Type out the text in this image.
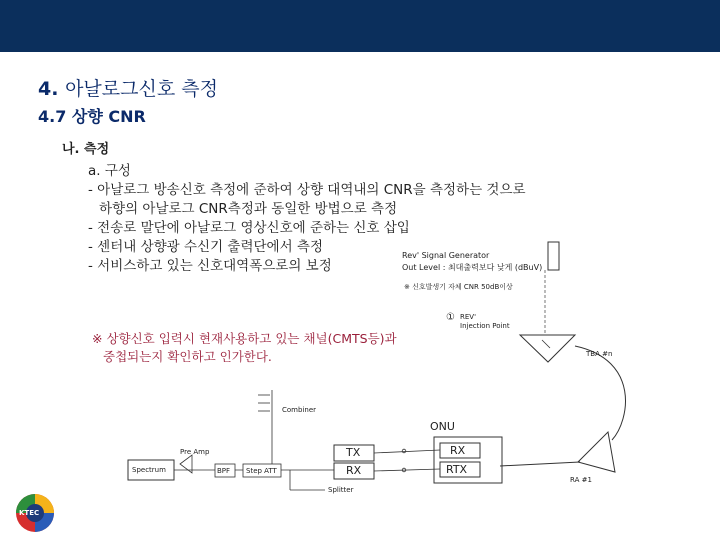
4. 아날로그신호 측정
4.7 상향 CNR
나. 측정
a. 구성
- 아날로그 방송신호 측정에 준하여 상향 대역내의 CNR을 측정하는 것으로
하향의 아날로그 CNR측정과 동일한 방법으로 측정
- 전송로 말단에 아날로그 영상신호에 준하는 신호 삽입
- 센터내 상향광 수신기 출력단에서 측정
- 서비스하고 있는 신호대역폭으로의 보정
※ 상향신호 입력시 현재사용하고 있는 채널(CMTS등)과
중첩되는지 확인하고 인가한다.
Rev' Signal Generator
Out Level : 최대출력보다 낮게 (dBuV)
※ 신호발생기 자체 CNR 50dB이상
① REV'
Injection Point
TBA #n
Combiner
ONU
TX
RX
RX
RTX
Pre Amp
Spectrum	BPF Step ATT
Splitter
RA #1
KTEC
